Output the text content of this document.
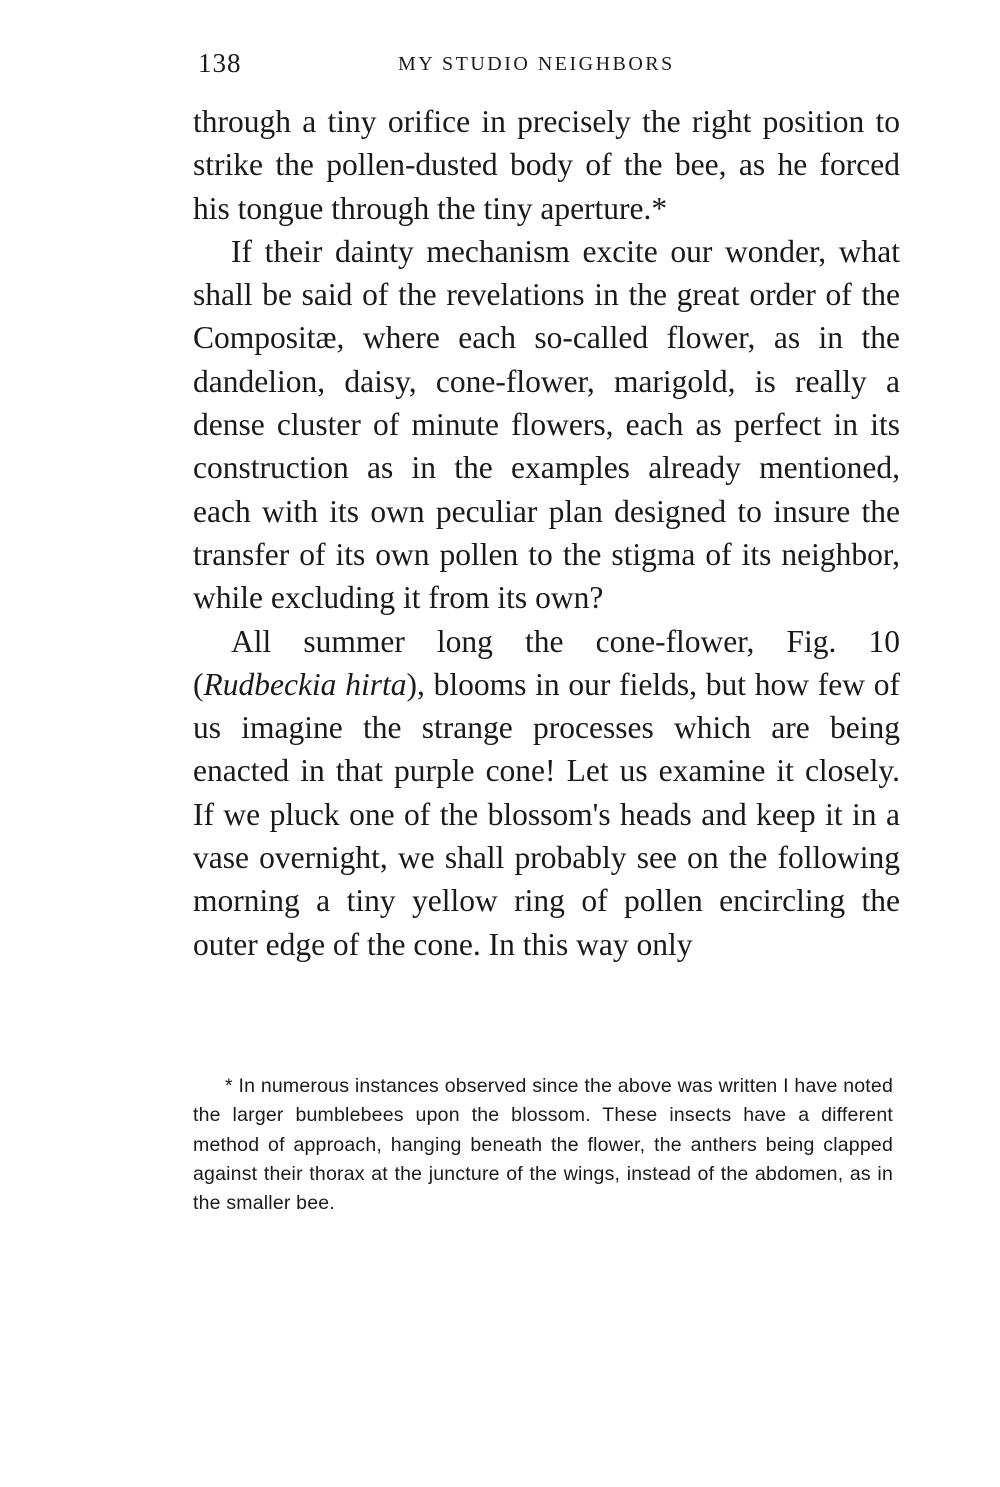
138	MY STUDIO NEIGHBORS

through a tiny orifice in precisely the right position to strike the pollen-dusted body of the bee, as he forced his tongue through the tiny aperture.*

If their dainty mechanism excite our wonder, what shall be said of the revelations in the great order of the Compositæ, where each so-called flower, as in the dandelion, daisy, cone-flower, marigold, is really a dense cluster of minute flowers, each as perfect in its construction as in the examples already mentioned, each with its own peculiar plan designed to insure the transfer of its own pollen to the stigma of its neighbor, while excluding it from its own?

All summer long the cone-flower, Fig. 10 (Rudbeckia hirta), blooms in our fields, but how few of us imagine the strange processes which are being enacted in that purple cone! Let us examine it closely. If we pluck one of the blossom's heads and keep it in a vase overnight, we shall probably see on the following morning a tiny yellow ring of pollen encircling the outer edge of the cone. In this way only

* In numerous instances observed since the above was written I have noted the larger bumblebees upon the blossom. These insects have a different method of approach, hanging beneath the flower, the anthers being clapped against their thorax at the juncture of the wings, instead of the abdomen, as in the smaller bee.
